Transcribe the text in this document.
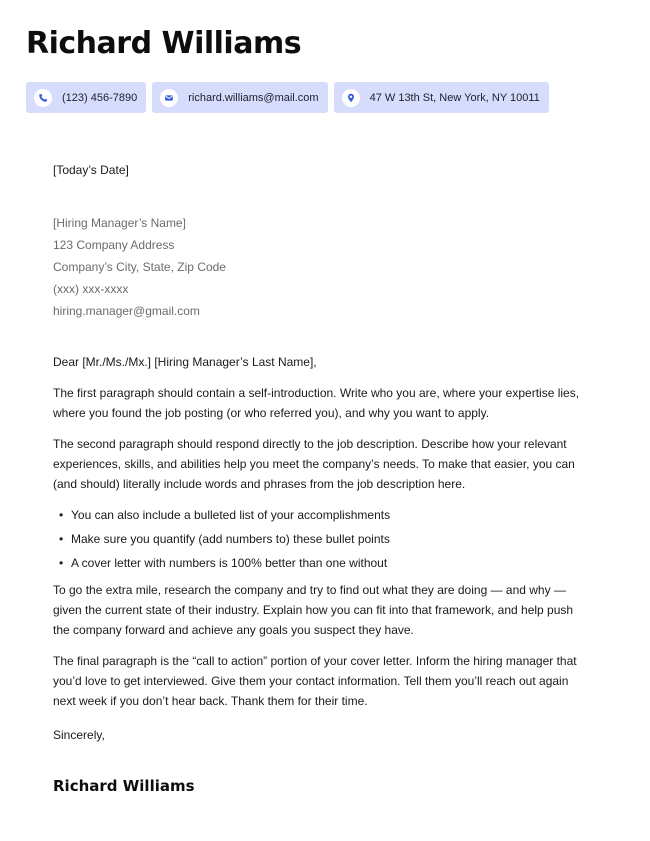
Richard Williams
(123) 456-7890	richard.williams@mail.com	47 W 13th St, New York, NY 10011

[Today’s Date]

[Hiring Manager’s Name]
123 Company Address
Company’s City, State, Zip Code
(xxx) xxx-xxxx
hiring.manager@gmail.com

Dear [Mr./Ms./Mx.] [Hiring Manager’s Last Name],

The first paragraph should contain a self-introduction. Write who you are, where your expertise lies, where you found the job posting (or who referred you), and why you want to apply.

The second paragraph should respond directly to the job description. Describe how your relevant experiences, skills, and abilities help you meet the company’s needs. To make that easier, you can (and should) literally include words and phrases from the job description here.

• You can also include a bulleted list of your accomplishments
• Make sure you quantify (add numbers to) these bullet points
• A cover letter with numbers is 100% better than one without

To go the extra mile, research the company and try to find out what they are doing — and why — given the current state of their industry. Explain how you can fit into that framework, and help push the company forward and achieve any goals you suspect they have.

The final paragraph is the “call to action” portion of your cover letter. Inform the hiring manager that you’d love to get interviewed. Give them your contact information. Tell them you’ll reach out again next week if you don’t hear back. Thank them for their time.

Sincerely,

Richard Williams
